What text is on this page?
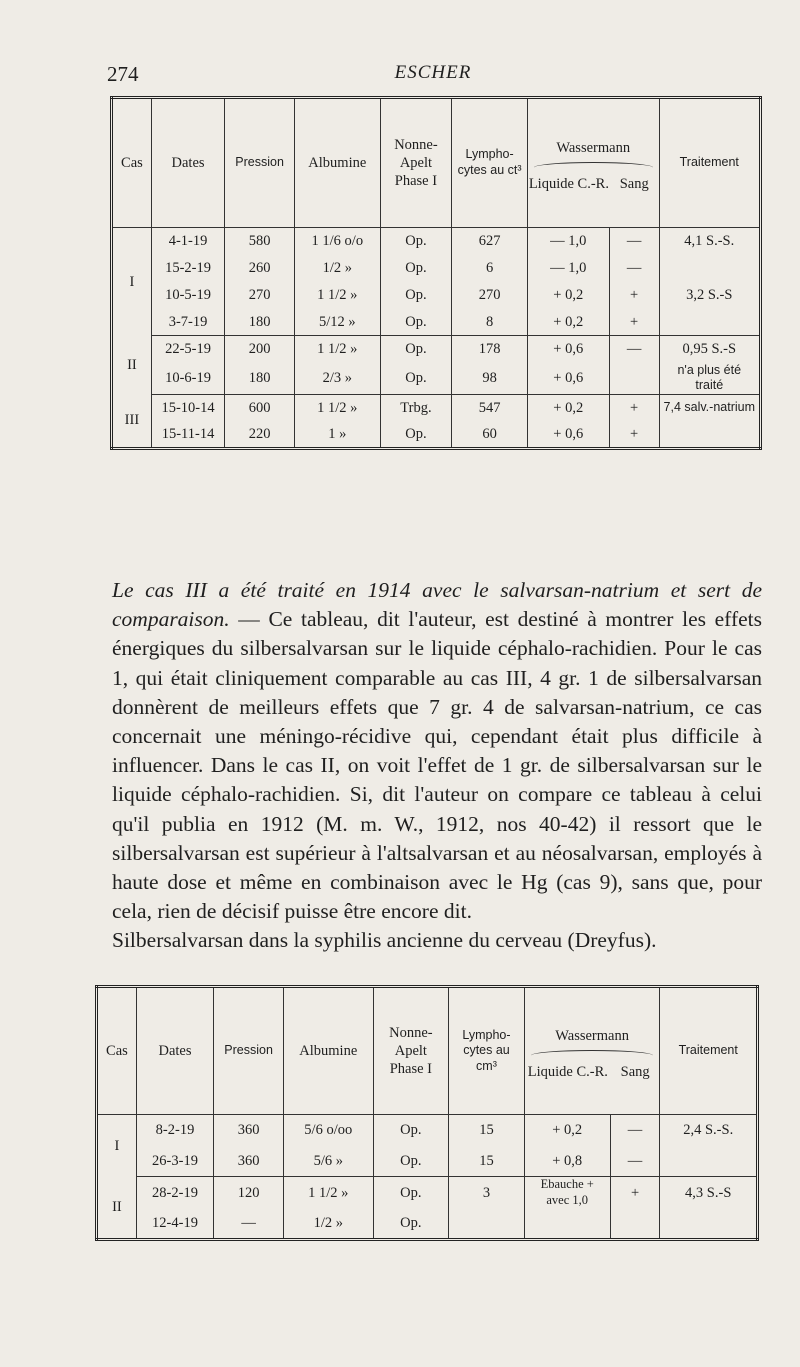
274	ESCHER
Cas	Dates	Pression	Albumine	Nonne-Apelt Phase I	Lympho-cytes au ct³	Wassermann
Liquide C.-R. Sang		Traitement
I	4-1-19	580	1 1/6 o/o	Op.	627	— 1,0	—	4,1 S.-S.
	15-2-19	260	1/2 »	Op.	6	— 1,0	—	
	10-5-19	270	1 1/2 »	Op.	270	+ 0,2	+	3,2 S.-S
	3-7-19	180	5/12 »	Op.	8	+ 0,2	+	
II	22-5-19	200	1 1/2 »	Op.	178	+ 0,6	—	0,95 S.-S
	10-6-19	180	2/3 »	Op.	98	+ 0,6		n'a plus été traité
III	15-10-14	600	1 1/2 »	Trbg.	547	+ 0,2	+	7,4 salv.-natrium
	15-11-14	220	1 »	Op.	60	+ 0,6	+	

Le cas III a été traité en 1914 avec le salvarsan-natrium et sert de comparaison. — Ce tableau, dit l'auteur, est destiné à montrer les effets énergiques du silbersalvarsan sur le liquide céphalo-rachidien. Pour le cas 1, qui était cliniquement comparable au cas III, 4 gr. 1 de silbersalvarsan donnèrent de meilleurs effets que 7 gr. 4 de salvarsan-natrium, ce cas concernait une méningo-récidive qui, cependant était plus difficile à influencer. Dans le cas II, on voit l'effet de 1 gr. de silbersalvarsan sur le liquide céphalo-rachidien. Si, dit l'auteur on compare ce tableau à celui qu'il publia en 1912 (M. m. W., 1912, nos 40-42) il ressort que le silbersalvarsan est supérieur à l'altsalvarsan et au néosalvarsan, employés à haute dose et même en combinaison avec le Hg (cas 9), sans que, pour cela, rien de décisif puisse être encore dit.

Silbersalvarsan dans la syphilis ancienne du cerveau (Dreyfus).

Cas	Dates	Pression	Albumine	Nonne-Apelt Phase I	Lympho-cytes au cm³	Wassermann
Liquide C.-R. Sang		Traitement
I	8-2-19	360	5/6 o/oo	Op.	15	+ 0,2	—	2,4 S.-S.
	26-3-19	360	5/6 »	Op.	15	+ 0,8	—	
II	28-2-19	120	1 1/2 »	Op.	3	Ebauche + avec 1,0	+	4,3 S.-S
	12-4-19	—	1/2 »	Op.				
